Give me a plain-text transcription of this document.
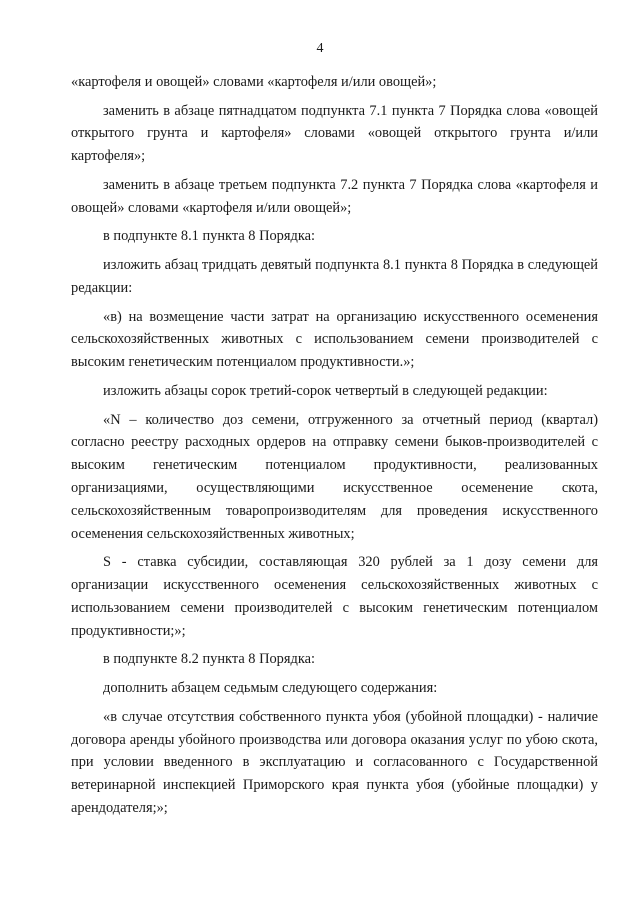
4

«картофеля и овощей» словами «картофеля и/или овощей»;

заменить в абзаце пятнадцатом подпункта 7.1 пункта 7 Порядка слова «овощей открытого грунта и картофеля» словами «овощей открытого грунта и/или картофеля»;

заменить в абзаце третьем подпункта 7.2 пункта 7 Порядка слова «картофеля и овощей» словами «картофеля и/или овощей»;

в подпункте 8.1 пункта 8 Порядка:

изложить абзац тридцать девятый подпункта 8.1 пункта 8 Порядка в следующей редакции:

«в) на возмещение части затрат на организацию искусственного осеменения сельскохозяйственных животных с использованием семени производителей с высоким генетическим потенциалом продуктивности.»;

изложить абзацы сорок третий-сорок четвертый в следующей редакции:

«N – количество доз семени, отгруженного за отчетный период (квартал) согласно реестру расходных ордеров на отправку семени быков-производителей с высоким генетическим потенциалом продуктивности, реализованных организациями, осуществляющими искусственное осеменение скота, сельскохозяйственным товаропроизводителям для проведения искусственного осеменения сельскохозяйственных животных;

S - ставка субсидии, составляющая 320 рублей за 1 дозу семени для организации искусственного осеменения сельскохозяйственных животных с использованием семени производителей с высоким генетическим потенциалом продуктивности;»;

в подпункте 8.2 пункта 8 Порядка:

дополнить абзацем седьмым следующего содержания:

«в случае отсутствия собственного пункта убоя (убойной площадки) - наличие договора аренды убойного производства или договора оказания услуг по убою скота, при условии введенного в эксплуатацию и согласованного с Государственной ветеринарной инспекцией Приморского края пункта убоя (убойные площадки) у арендодателя;»;
